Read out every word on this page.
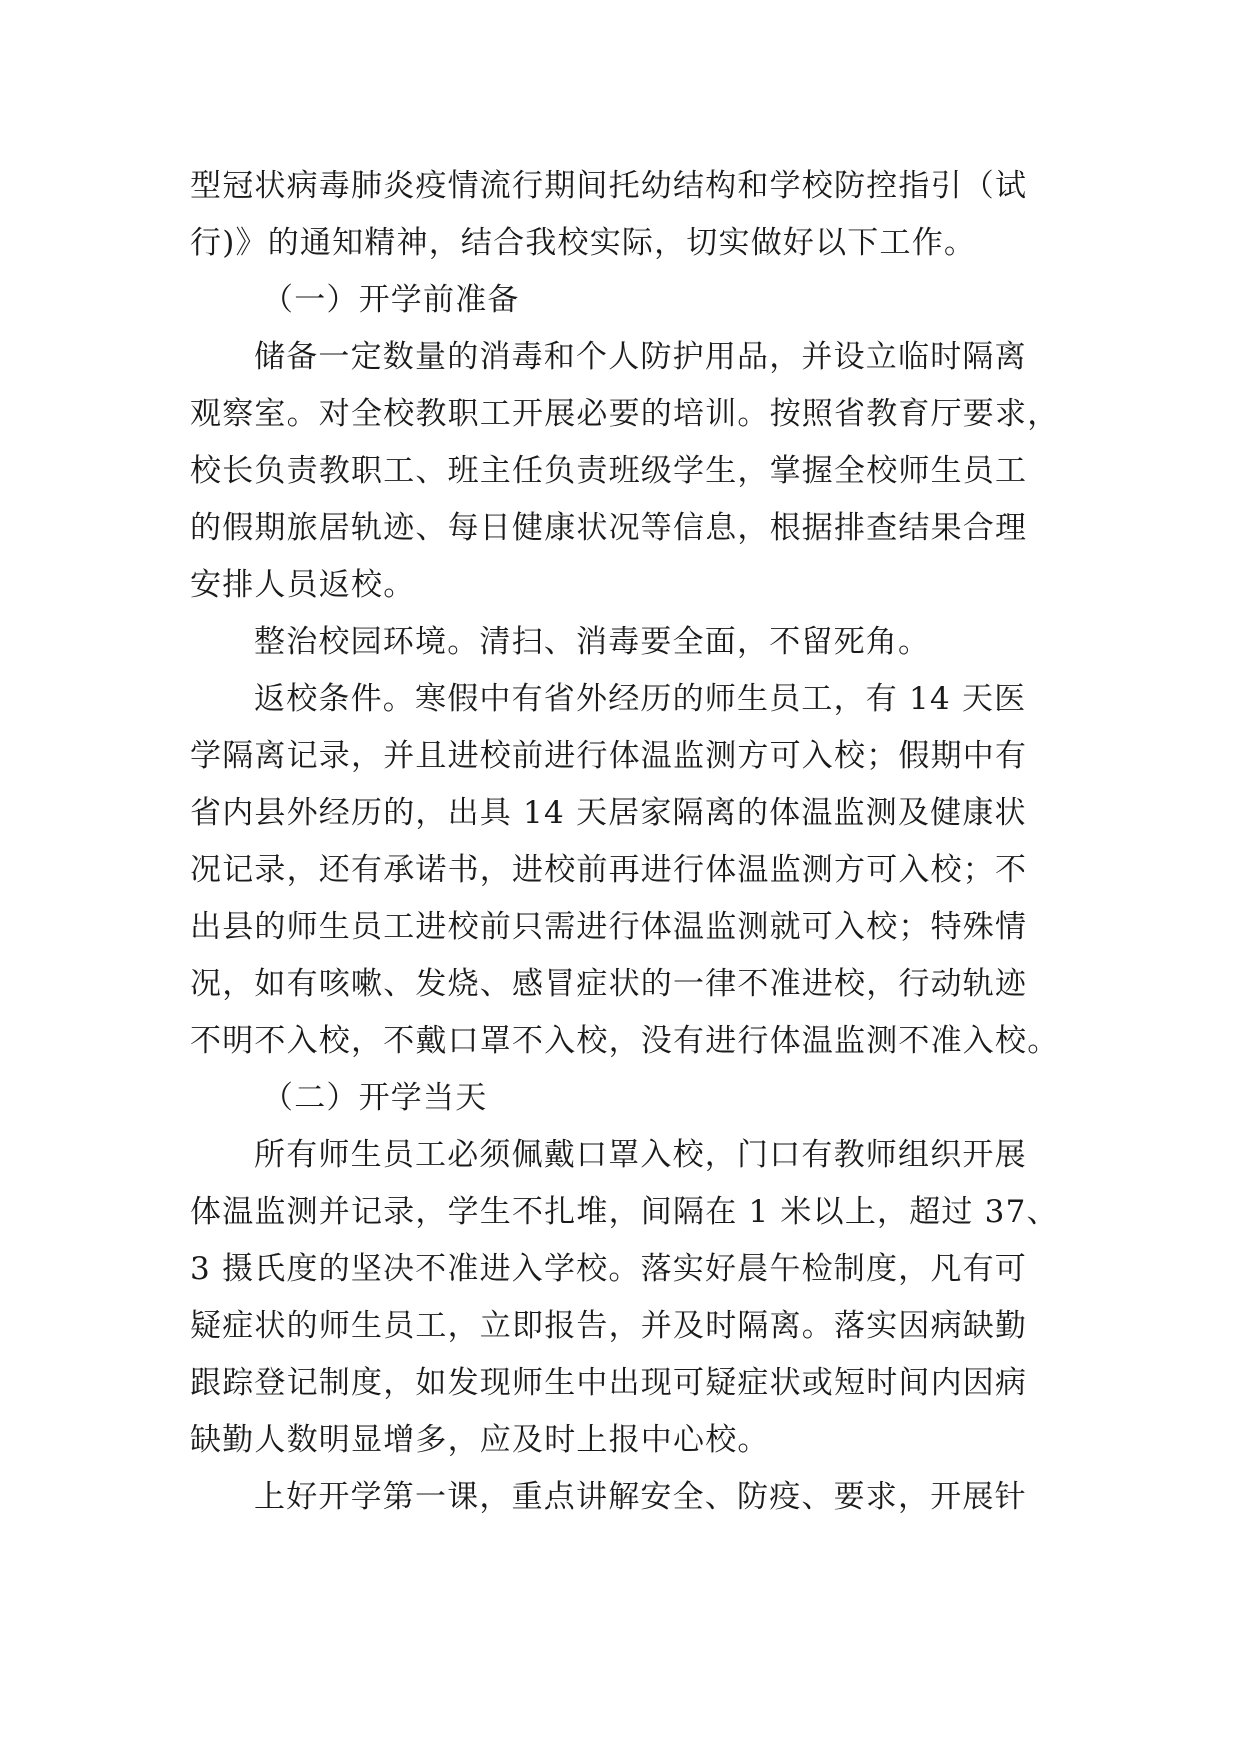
型冠状病毒肺炎疫情流行期间托幼结构和学校防控指引（试
行)》的通知精神，结合我校实际，切实做好以下工作。
（一）开学前准备
储备一定数量的消毒和个人防护用品，并设立临时隔离
观察室。对全校教职工开展必要的培训。按照省教育厅要求，
校长负责教职工、班主任负责班级学生，掌握全校师生员工
的假期旅居轨迹、每日健康状况等信息，根据排查结果合理
安排人员返校。
整治校园环境。清扫、消毒要全面，不留死角。
返校条件。寒假中有省外经历的师生员工，有 14 天医
学隔离记录，并且进校前进行体温监测方可入校；假期中有
省内县外经历的，出具 14 天居家隔离的体温监测及健康状
况记录，还有承诺书，进校前再进行体温监测方可入校；不
出县的师生员工进校前只需进行体温监测就可入校；特殊情
况，如有咳嗽、发烧、感冒症状的一律不准进校，行动轨迹
不明不入校，不戴口罩不入校，没有进行体温监测不准入校。
（二）开学当天
所有师生员工必须佩戴口罩入校，门口有教师组织开展
体温监测并记录，学生不扎堆，间隔在 1 米以上，超过 37、
3 摄氏度的坚决不准进入学校。落实好晨午检制度，凡有可
疑症状的师生员工，立即报告，并及时隔离。落实因病缺勤
跟踪登记制度，如发现师生中出现可疑症状或短时间内因病
缺勤人数明显增多，应及时上报中心校。
上好开学第一课，重点讲解安全、防疫、要求，开展针
